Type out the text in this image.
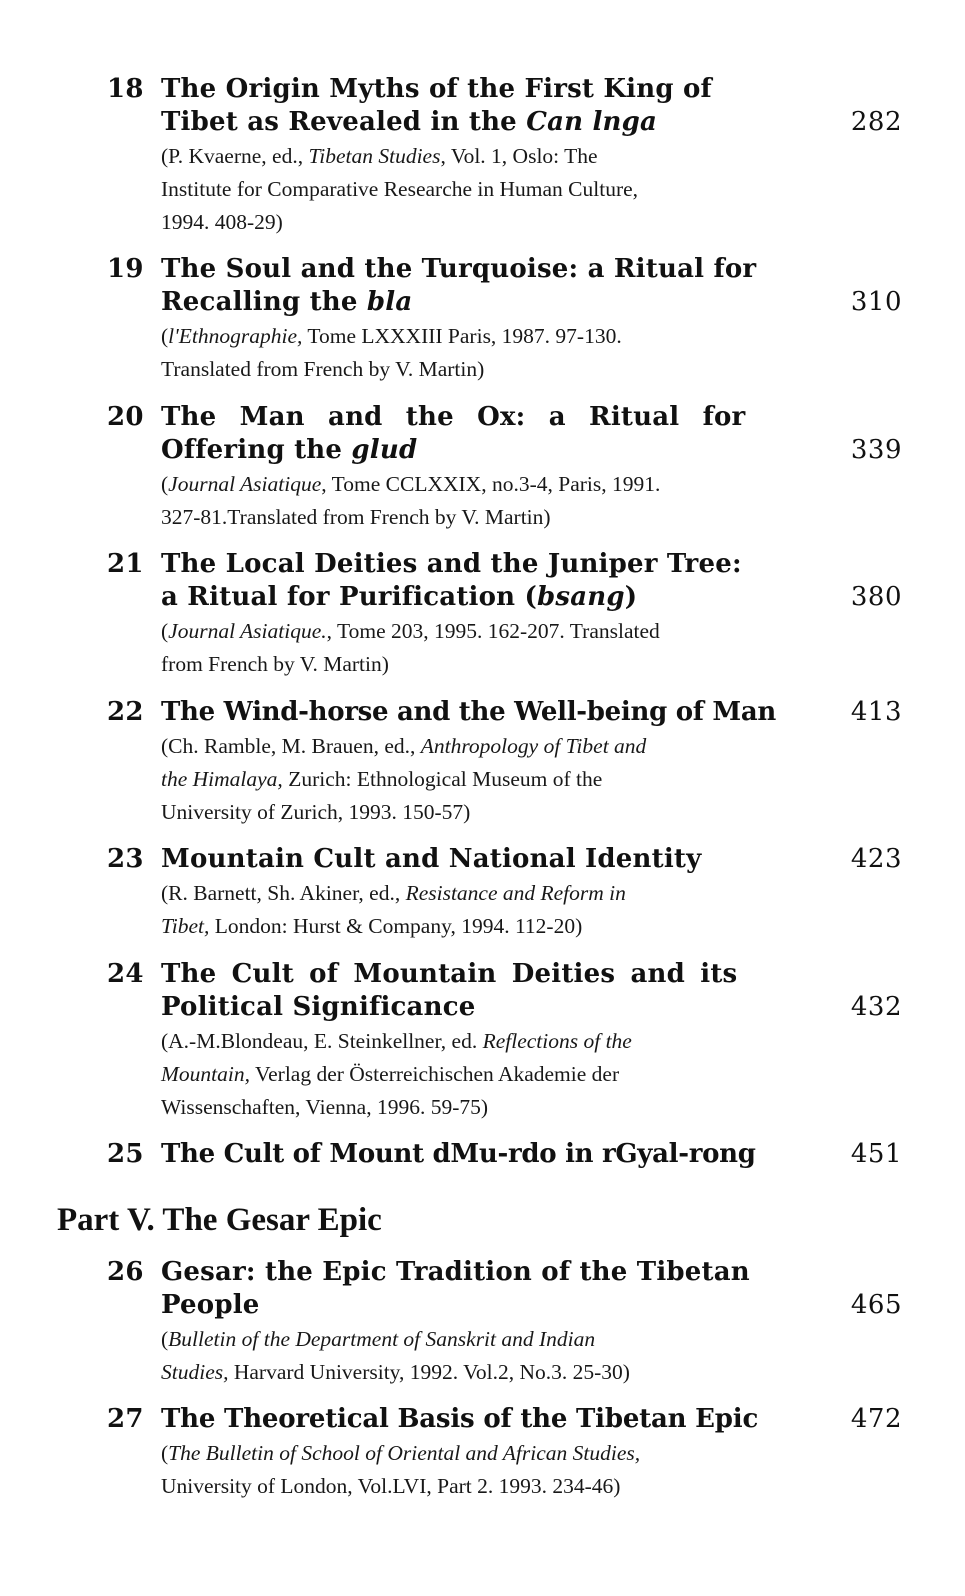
18 The Origin Myths of the First King of
Tibet as Revealed in the Can lnga	282
(P. Kvaerne, ed., Tibetan Studies, Vol. 1, Oslo: The
Institute for Comparative Researche in Human Culture,
1994. 408-29)
19 The Soul and the Turquoise: a Ritual for
Recalling the bla	310
(l'Ethnographie, Tome LXXXIII Paris, 1987. 97-130.
Translated from French by V. Martin)
20 The Man and the Ox: a Ritual for
Offering the glud	339
(Journal Asiatique, Tome CCLXXIX, no.3-4, Paris, 1991.
327-81.Translated from French by V. Martin)
21 The Local Deities and the Juniper Tree:
a Ritual for Purification (bsang)	380
(Journal Asiatique., Tome 203, 1995. 162-207. Translated
from French by V. Martin)
22 The Wind-horse and the Well-being of Man	413
(Ch. Ramble, M. Brauen, ed., Anthropology of Tibet and
the Himalaya, Zurich: Ethnological Museum of the
University of Zurich, 1993. 150-57)
23 Mountain Cult and National Identity	423
(R. Barnett, Sh. Akiner, ed., Resistance and Reform in
Tibet, London: Hurst & Company, 1994. 112-20)
24 The Cult of Mountain Deities and its
Political Significance	432
(A.-M.Blondeau, E. Steinkellner, ed. Reflections of the
Mountain, Verlag der Österreichischen Akademie der
Wissenschaften, Vienna, 1996. 59-75)
25 The Cult of Mount dMu-rdo in rGyal-rong	451
Part V. The Gesar Epic
26 Gesar: the Epic Tradition of the Tibetan
People	465
(Bulletin of the Department of Sanskrit and Indian
Studies, Harvard University, 1992. Vol.2, No.3. 25-30)
27 The Theoretical Basis of the Tibetan Epic	472
(The Bulletin of School of Oriental and African Studies,
University of London, Vol.LVI, Part 2. 1993. 234-46)
